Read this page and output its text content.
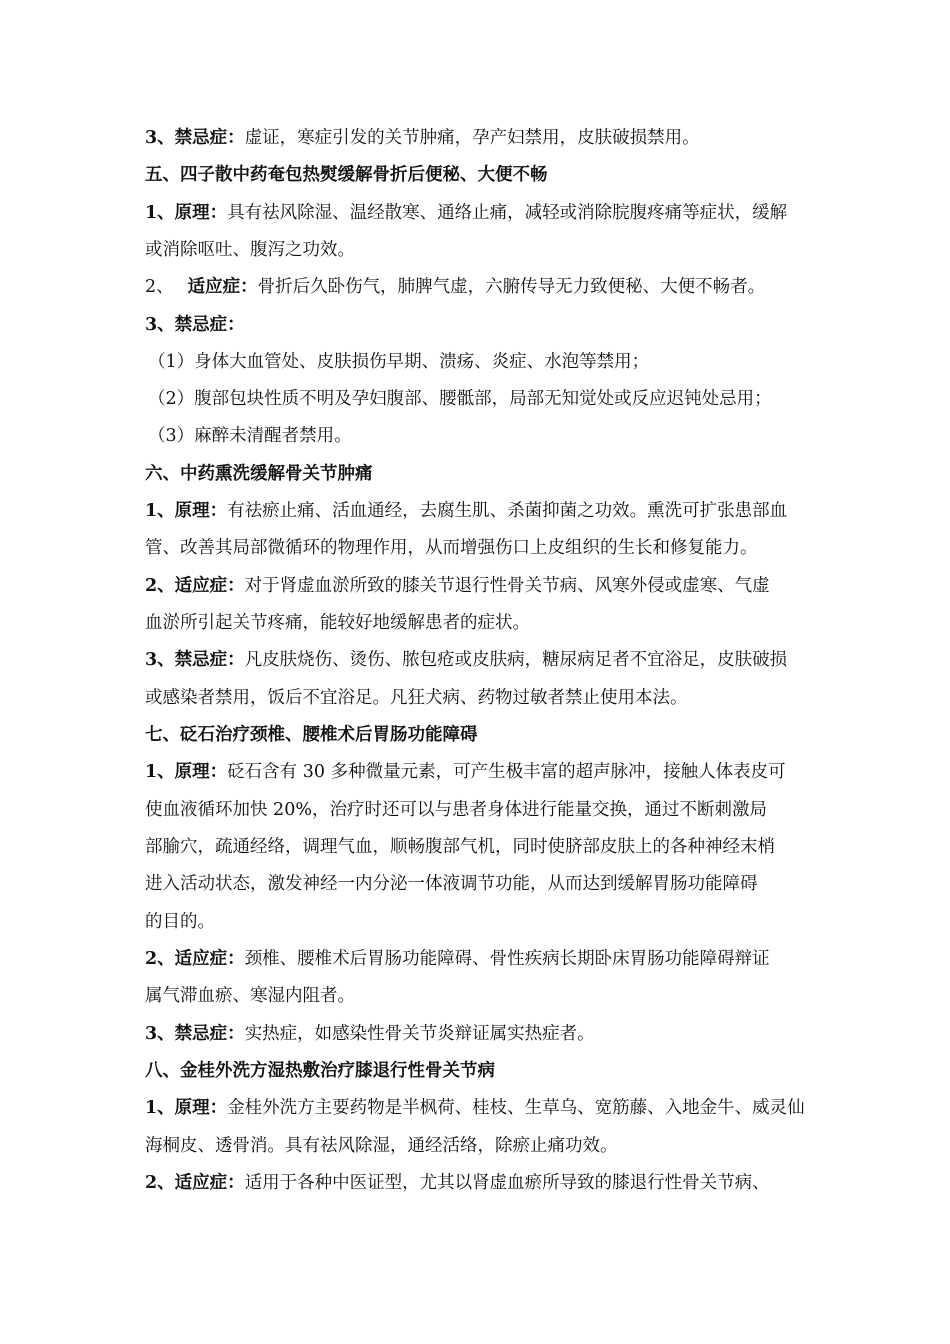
3、禁忌症：虚证，寒症引发的关节肿痛，孕产妇禁用，皮肤破损禁用。
五、四子散中药奄包热熨缓解骨折后便秘、大便不畅
1、原理：具有祛风除湿、温经散寒、通络止痛，减轻或消除脘腹疼痛等症状，缓解
或消除呕吐、腹泻之功效。
2、 适应症：骨折后久卧伤气，肺脾气虚，六腑传导无力致便秘、大便不畅者。
3、禁忌症：
（1）身体大血管处、皮肤损伤早期、溃疡、炎症、水泡等禁用；
（2）腹部包块性质不明及孕妇腹部、腰骶部，局部无知觉处或反应迟钝处忌用；
（3）麻醉未清醒者禁用。
六、中药熏洗缓解骨关节肿痛
1、原理：有祛瘀止痛、活血通经，去腐生肌、杀菌抑菌之功效。熏洗可扩张患部血
管、改善其局部微循环的物理作用，从而增强伤口上皮组织的生长和修复能力。
2、适应症：对于肾虚血淤所致的膝关节退行性骨关节病、风寒外侵或虚寒、气虚
血淤所引起关节疼痛，能较好地缓解患者的症状。
3、禁忌症：凡皮肤烧伤、烫伤、脓包疮或皮肤病，糖尿病足者不宜浴足，皮肤破损
或感染者禁用，饭后不宜浴足。凡狂犬病、药物过敏者禁止使用本法。
七、砭石治疗颈椎、腰椎术后胃肠功能障碍
1、原理：砭石含有 30 多种微量元素，可产生极丰富的超声脉冲，接触人体表皮可
使血液循环加快 20%，治疗时还可以与患者身体进行能量交换，通过不断刺激局
部腧穴，疏通经络，调理气血，顺畅腹部气机，同时使脐部皮肤上的各种神经末梢
进入活动状态，激发神经一内分泌一体液调节功能，从而达到缓解胃肠功能障碍
的目的。
2、适应症：颈椎、腰椎术后胃肠功能障碍、骨性疾病长期卧床胃肠功能障碍辩证
属气滞血瘀、寒湿内阻者。
3、禁忌症：实热症，如感染性骨关节炎辩证属实热症者。
八、金桂外洗方湿热敷治疗膝退行性骨关节病
1、原理：金桂外洗方主要药物是半枫荷、桂枝、生草乌、宽筋藤、入地金牛、威灵仙
海桐皮、透骨消。具有祛风除湿，通经活络，除瘀止痛功效。
2、适应症：适用于各种中医证型，尤其以肾虚血瘀所导致的膝退行性骨关节病、
